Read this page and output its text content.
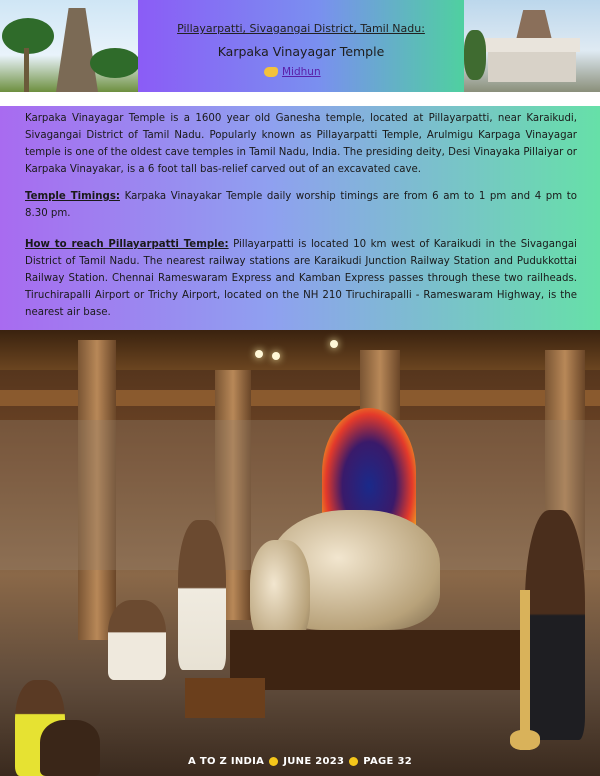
Pillayarpatti, Sivagangai District, Tamil Nadu:
Karpaka Vinayagar Temple
Midhun

Karpaka Vinayagar Temple is a 1600 year old Ganesha temple, located at Pillayarpatti, near Karaikudi, Sivagangai District of Tamil Nadu. Popularly known as Pillayarpatti Temple, Arulmigu Karpaga Vinayagar temple is one of the oldest cave temples in Tamil Nadu, India. The presiding deity, Desi Vinayaka Pillaiyar or Karpaka Vinayakar, is a 6 foot tall bas-relief carved out of an excavated cave.

Temple Timings: Karpaka Vinayakar Temple daily worship timings are from 6 am to 1 pm and 4 pm to 8.30 pm.

How to reach Pillayarpatti Temple: Pillayarpatti is located 10 km west of Karaikudi in the Sivagangai District of Tamil Nadu. The nearest railway stations are Karaikudi Junction Railway Station and Pudukkottai Railway Station. Chennai Rameswaram Express and Kamban Express passes through these two railheads. Tiruchirapalli Airport or Trichy Airport, located on the NH 210 Tiruchirapalli - Rameswaram Highway, is the nearest air base.

A TO Z INDIA JUNE 2023 PAGE 32
